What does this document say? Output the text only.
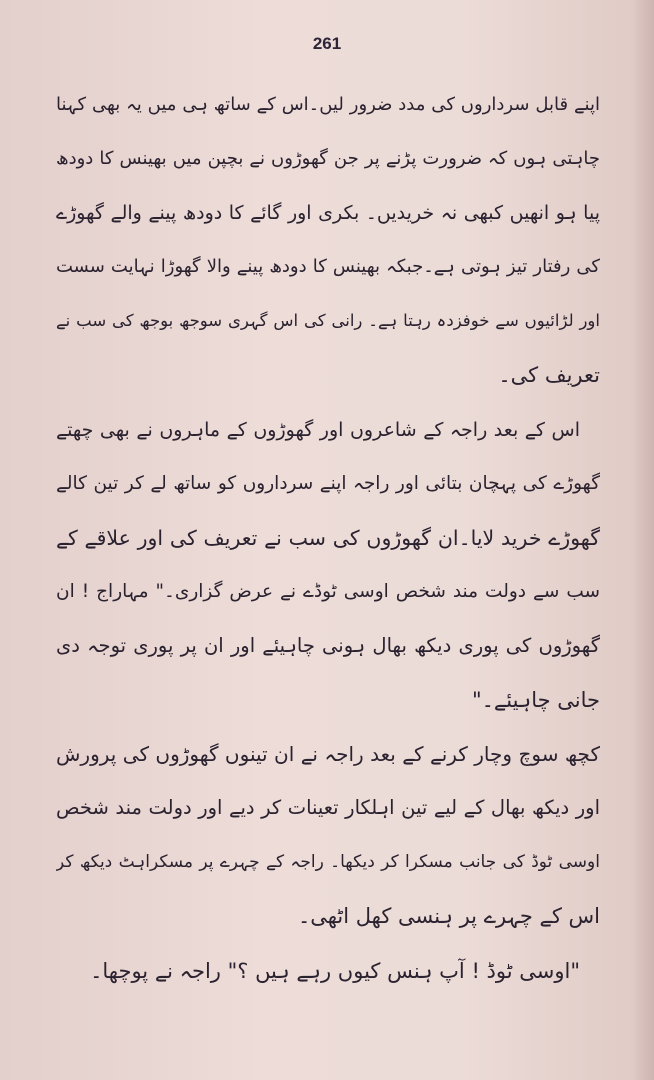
261
اپنے قابل سرداروں کی مدد ضرور لیں۔اس کے ساتھ ہی میں یہ بھی کہنا
چاہتی ہوں کہ ضرورت پڑنے پر جن گھوڑوں نے بچپن میں بھینس کا دودھ
پیا ہو انھیں کبھی نہ خریدیں۔ بکری اور گائے کا دودھ پینے والے گھوڑے
کی رفتار تیز ہوتی ہے۔جبکہ بھینس کا دودھ پینے والا گھوڑا نہایت سست
اور لڑائیوں سے خوفزدہ رہتا ہے۔ رانی کی اس گہری سوجھ بوجھ کی سب نے
تعریف کی۔
اس کے بعد راجہ کے شاعروں اور گھوڑوں کے ماہروں نے بھی چھتے
گھوڑے کی پہچان بتائی اور راجہ اپنے سرداروں کو ساتھ لے کر تین کالے
گھوڑے خرید لایا۔ان گھوڑوں کی سب نے تعریف کی اور علاقے کے
سب سے دولت مند شخص اوسی ٹوڈے نے عرض گزاری۔" مہاراج ! ان
گھوڑوں کی پوری دیکھ بھال ہونی چاہیئے اور ان پر پوری توجہ دی
جانی چاہیئے۔"
کچھ سوچ وچار کرنے کے بعد راجہ نے ان تینوں گھوڑوں کی پرورش
اور دیکھ بھال کے لیے تین اہلکار تعینات کر دیے اور دولت مند شخص
اوسی ٹوڈ کی جانب مسکرا کر دیکھا۔ راجہ کے چہرے پر مسکراہٹ دیکھ کر
اس کے چہرے پر ہنسی کھل اٹھی۔
"اوسی ٹوڈ ! آپ ہنس کیوں رہے ہیں ؟" راجہ نے پوچھا۔
